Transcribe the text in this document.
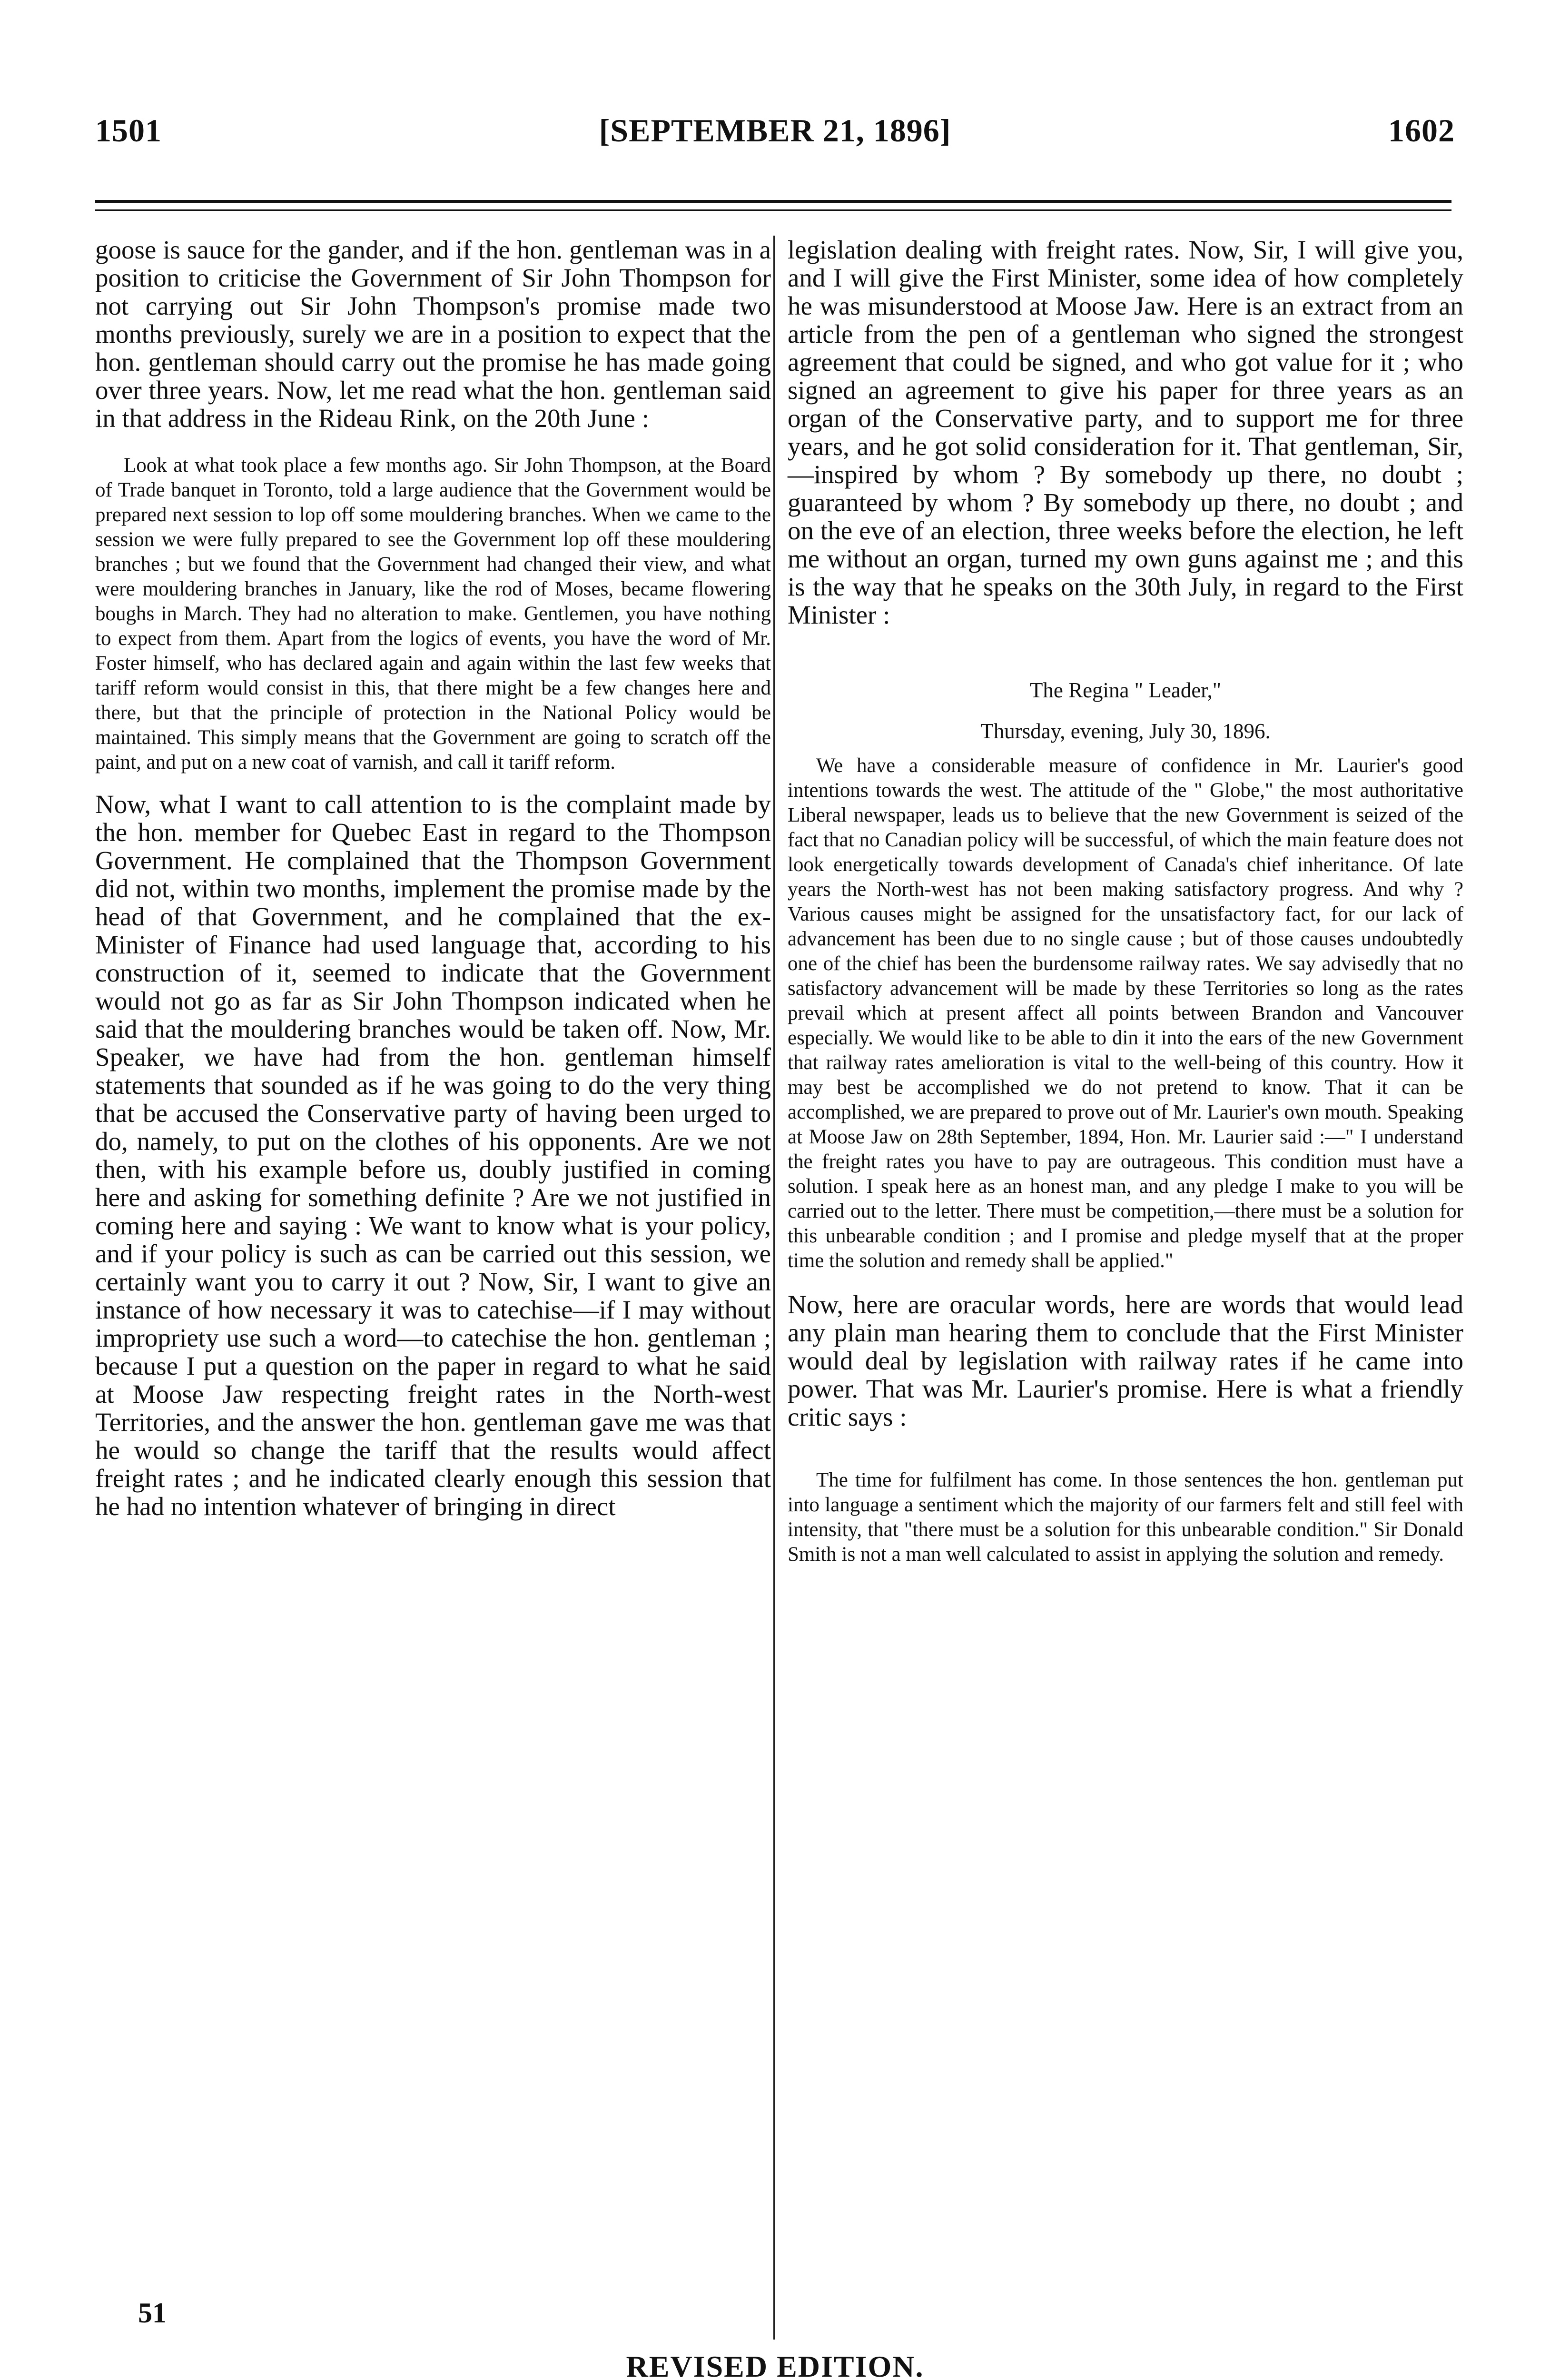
1501	[SEPTEMBER 21, 1896]	1602

goose is sauce for the gander, and if the hon. gentleman was in a position to criticise the Government of Sir John Thompson for not carrying out Sir John Thompson's promise made two months previously, surely we are in a position to expect that the hon. gentleman should carry out the promise he has made going over three years. Now, let me read what the hon. gentleman said in that address in the Rideau Rink, on the 20th June :

Look at what took place a few months ago. Sir John Thompson, at the Board of Trade banquet in Toronto, told a large audience that the Government would be prepared next session to lop off some mouldering branches. When we came to the session we were fully prepared to see the Government lop off these mouldering branches ; but we found that the Government had changed their view, and what were mouldering branches in January, like the rod of Moses, became flowering boughs in March. They had no alteration to make. Gentlemen, you have nothing to expect from them. Apart from the logics of events, you have the word of Mr. Foster himself, who has declared again and again within the last few weeks that tariff reform would consist in this, that there might be a few changes here and there, but that the principle of protection in the National Policy would be maintained. This simply means that the Government are going to scratch off the paint, and put on a new coat of varnish, and call it tariff reform.

Now, what I want to call attention to is the complaint made by the hon. member for Quebec East in regard to the Thompson Government. He complained that the Thompson Government did not, within two months, implement the promise made by the head of that Government, and he complained that the ex-Minister of Finance had used language that, according to his construction of it, seemed to indicate that the Government would not go as far as Sir John Thompson indicated when he said that the mouldering branches would be taken off. Now, Mr. Speaker, we have had from the hon. gentleman himself statements that sounded as if he was going to do the very thing that be accused the Conservative party of having been urged to do, namely, to put on the clothes of his opponents. Are we not then, with his example before us, doubly justified in coming here and asking for something definite ? Are we not justified in coming here and saying : We want to know what is your policy, and if your policy is such as can be carried out this session, we certainly want you to carry it out ? Now, Sir, I want to give an instance of how necessary it was to catechise—if I may without impropriety use such a word—to catechise the hon. gentleman ; because I put a question on the paper in regard to what he said at Moose Jaw respecting freight rates in the North-west Territories, and the answer the hon. gentleman gave me was that he would so change the tariff that the results would affect freight rates ; and he indicated clearly enough this session that he had no intention whatever of bringing in direct

legislation dealing with freight rates. Now, Sir, I will give you, and I will give the First Minister, some idea of how completely he was misunderstood at Moose Jaw. Here is an extract from an article from the pen of a gentleman who signed the strongest agreement that could be signed, and who got value for it ; who signed an agreement to give his paper for three years as an organ of the Conservative party, and to support me for three years, and he got solid consideration for it. That gentleman, Sir,—inspired by whom ? By somebody up there, no doubt ; guaranteed by whom ? By somebody up there, no doubt ; and on the eve of an election, three weeks before the election, he left me without an organ, turned my own guns against me ; and this is the way that he speaks on the 30th July, in regard to the First Minister :

The Regina " Leader,"

Thursday, evening, July 30, 1896.

We have a considerable measure of confidence in Mr. Laurier's good intentions towards the west. The attitude of the " Globe," the most authoritative Liberal newspaper, leads us to believe that the new Government is seized of the fact that no Canadian policy will be successful, of which the main feature does not look energetically towards development of Canada's chief inheritance. Of late years the North-west has not been making satisfactory progress. And why ? Various causes might be assigned for the unsatisfactory fact, for our lack of advancement has been due to no single cause ; but of those causes undoubtedly one of the chief has been the burdensome railway rates. We say advisedly that no satisfactory advancement will be made by these Territories so long as the rates prevail which at present affect all points between Brandon and Vancouver especially. We would like to be able to din it into the ears of the new Government that railway rates amelioration is vital to the well-being of this country. How it may best be accomplished we do not pretend to know. That it can be accomplished, we are prepared to prove out of Mr. Laurier's own mouth. Speaking at Moose Jaw on 28th September, 1894, Hon. Mr. Laurier said :—" I understand the freight rates you have to pay are outrageous. This condition must have a solution. I speak here as an honest man, and any pledge I make to you will be carried out to the letter. There must be competition,—there must be a solution for this unbearable condition ; and I promise and pledge myself that at the proper time the solution and remedy shall be applied."

Now, here are oracular words, here are words that would lead any plain man hearing them to conclude that the First Minister would deal by legislation with railway rates if he came into power. That was Mr. Laurier's promise. Here is what a friendly critic says :

The time for fulfilment has come. In those sentences the hon. gentleman put into language a sentiment which the majority of our farmers felt and still feel with intensity, that "there must be a solution for this unbearable condition." Sir Donald Smith is not a man well calculated to assist in applying the solution and remedy.

51
REVISED EDITION.
